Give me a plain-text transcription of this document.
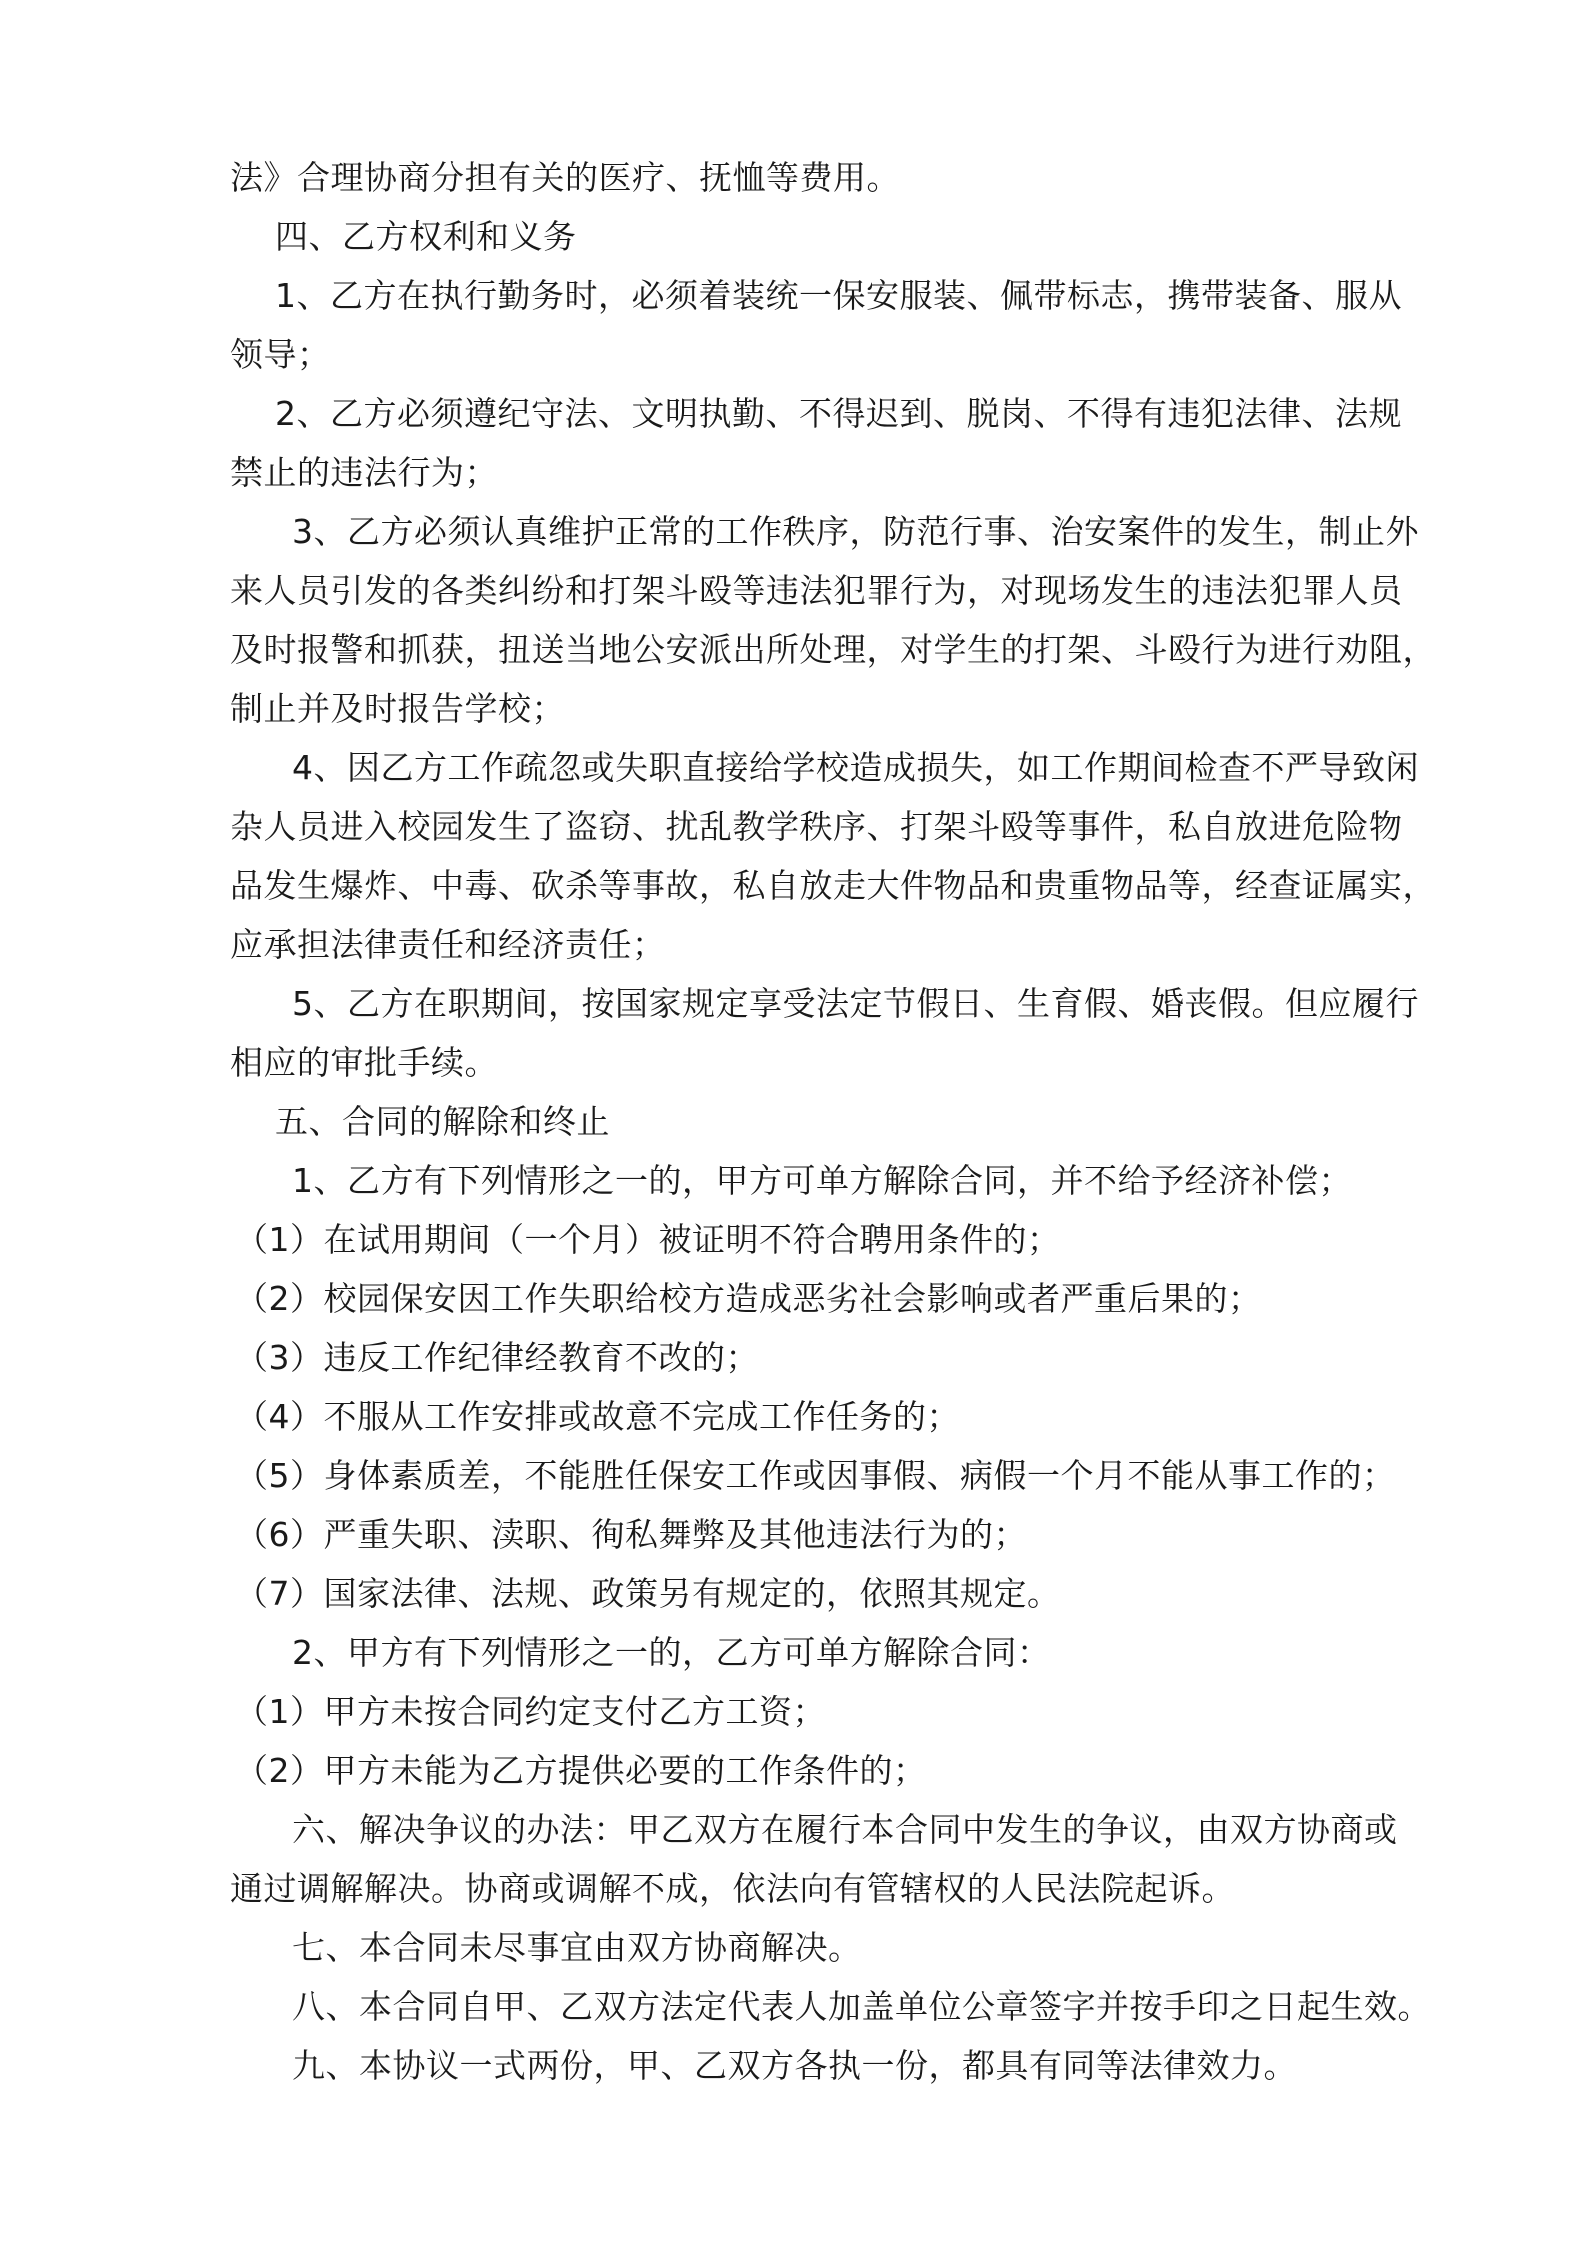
法》合理协商分担有关的医疗、抚恤等费用。
四、乙方权利和义务
1、乙方在执行勤务时，必须着装统一保安服装、佩带标志，携带装备、服从
领导；
2、乙方必须遵纪守法、文明执勤、不得迟到、脱岗、不得有违犯法律、法规
禁止的违法行为；
3、乙方必须认真维护正常的工作秩序，防范行事、治安案件的发生，制止外
来人员引发的各类纠纷和打架斗殴等违法犯罪行为，对现场发生的违法犯罪人员
及时报警和抓获，扭送当地公安派出所处理，对学生的打架、斗殴行为进行劝阻，
制止并及时报告学校；
4、因乙方工作疏忽或失职直接给学校造成损失，如工作期间检查不严导致闲
杂人员进入校园发生了盗窃、扰乱教学秩序、打架斗殴等事件，私自放进危险物
品发生爆炸、中毒、砍杀等事故，私自放走大件物品和贵重物品等，经查证属实，
应承担法律责任和经济责任；
5、乙方在职期间，按国家规定享受法定节假日、生育假、婚丧假。但应履行
相应的审批手续。
五、合同的解除和终止
1、乙方有下列情形之一的，甲方可单方解除合同，并不给予经济补偿；
（1）在试用期间（一个月）被证明不符合聘用条件的；
（2）校园保安因工作失职给校方造成恶劣社会影响或者严重后果的；
（3）违反工作纪律经教育不改的；
（4）不服从工作安排或故意不完成工作任务的；
（5）身体素质差，不能胜任保安工作或因事假、病假一个月不能从事工作的；
（6）严重失职、渎职、徇私舞弊及其他违法行为的；
（7）国家法律、法规、政策另有规定的，依照其规定。
2、甲方有下列情形之一的，乙方可单方解除合同：
（1）甲方未按合同约定支付乙方工资；
（2）甲方未能为乙方提供必要的工作条件的；
六、解决争议的办法：甲乙双方在履行本合同中发生的争议，由双方协商或
通过调解解决。协商或调解不成，依法向有管辖权的人民法院起诉。
七、本合同未尽事宜由双方协商解决。
八、本合同自甲、乙双方法定代表人加盖单位公章签字并按手印之日起生效。
九、本协议一式两份，甲、乙双方各执一份，都具有同等法律效力。
